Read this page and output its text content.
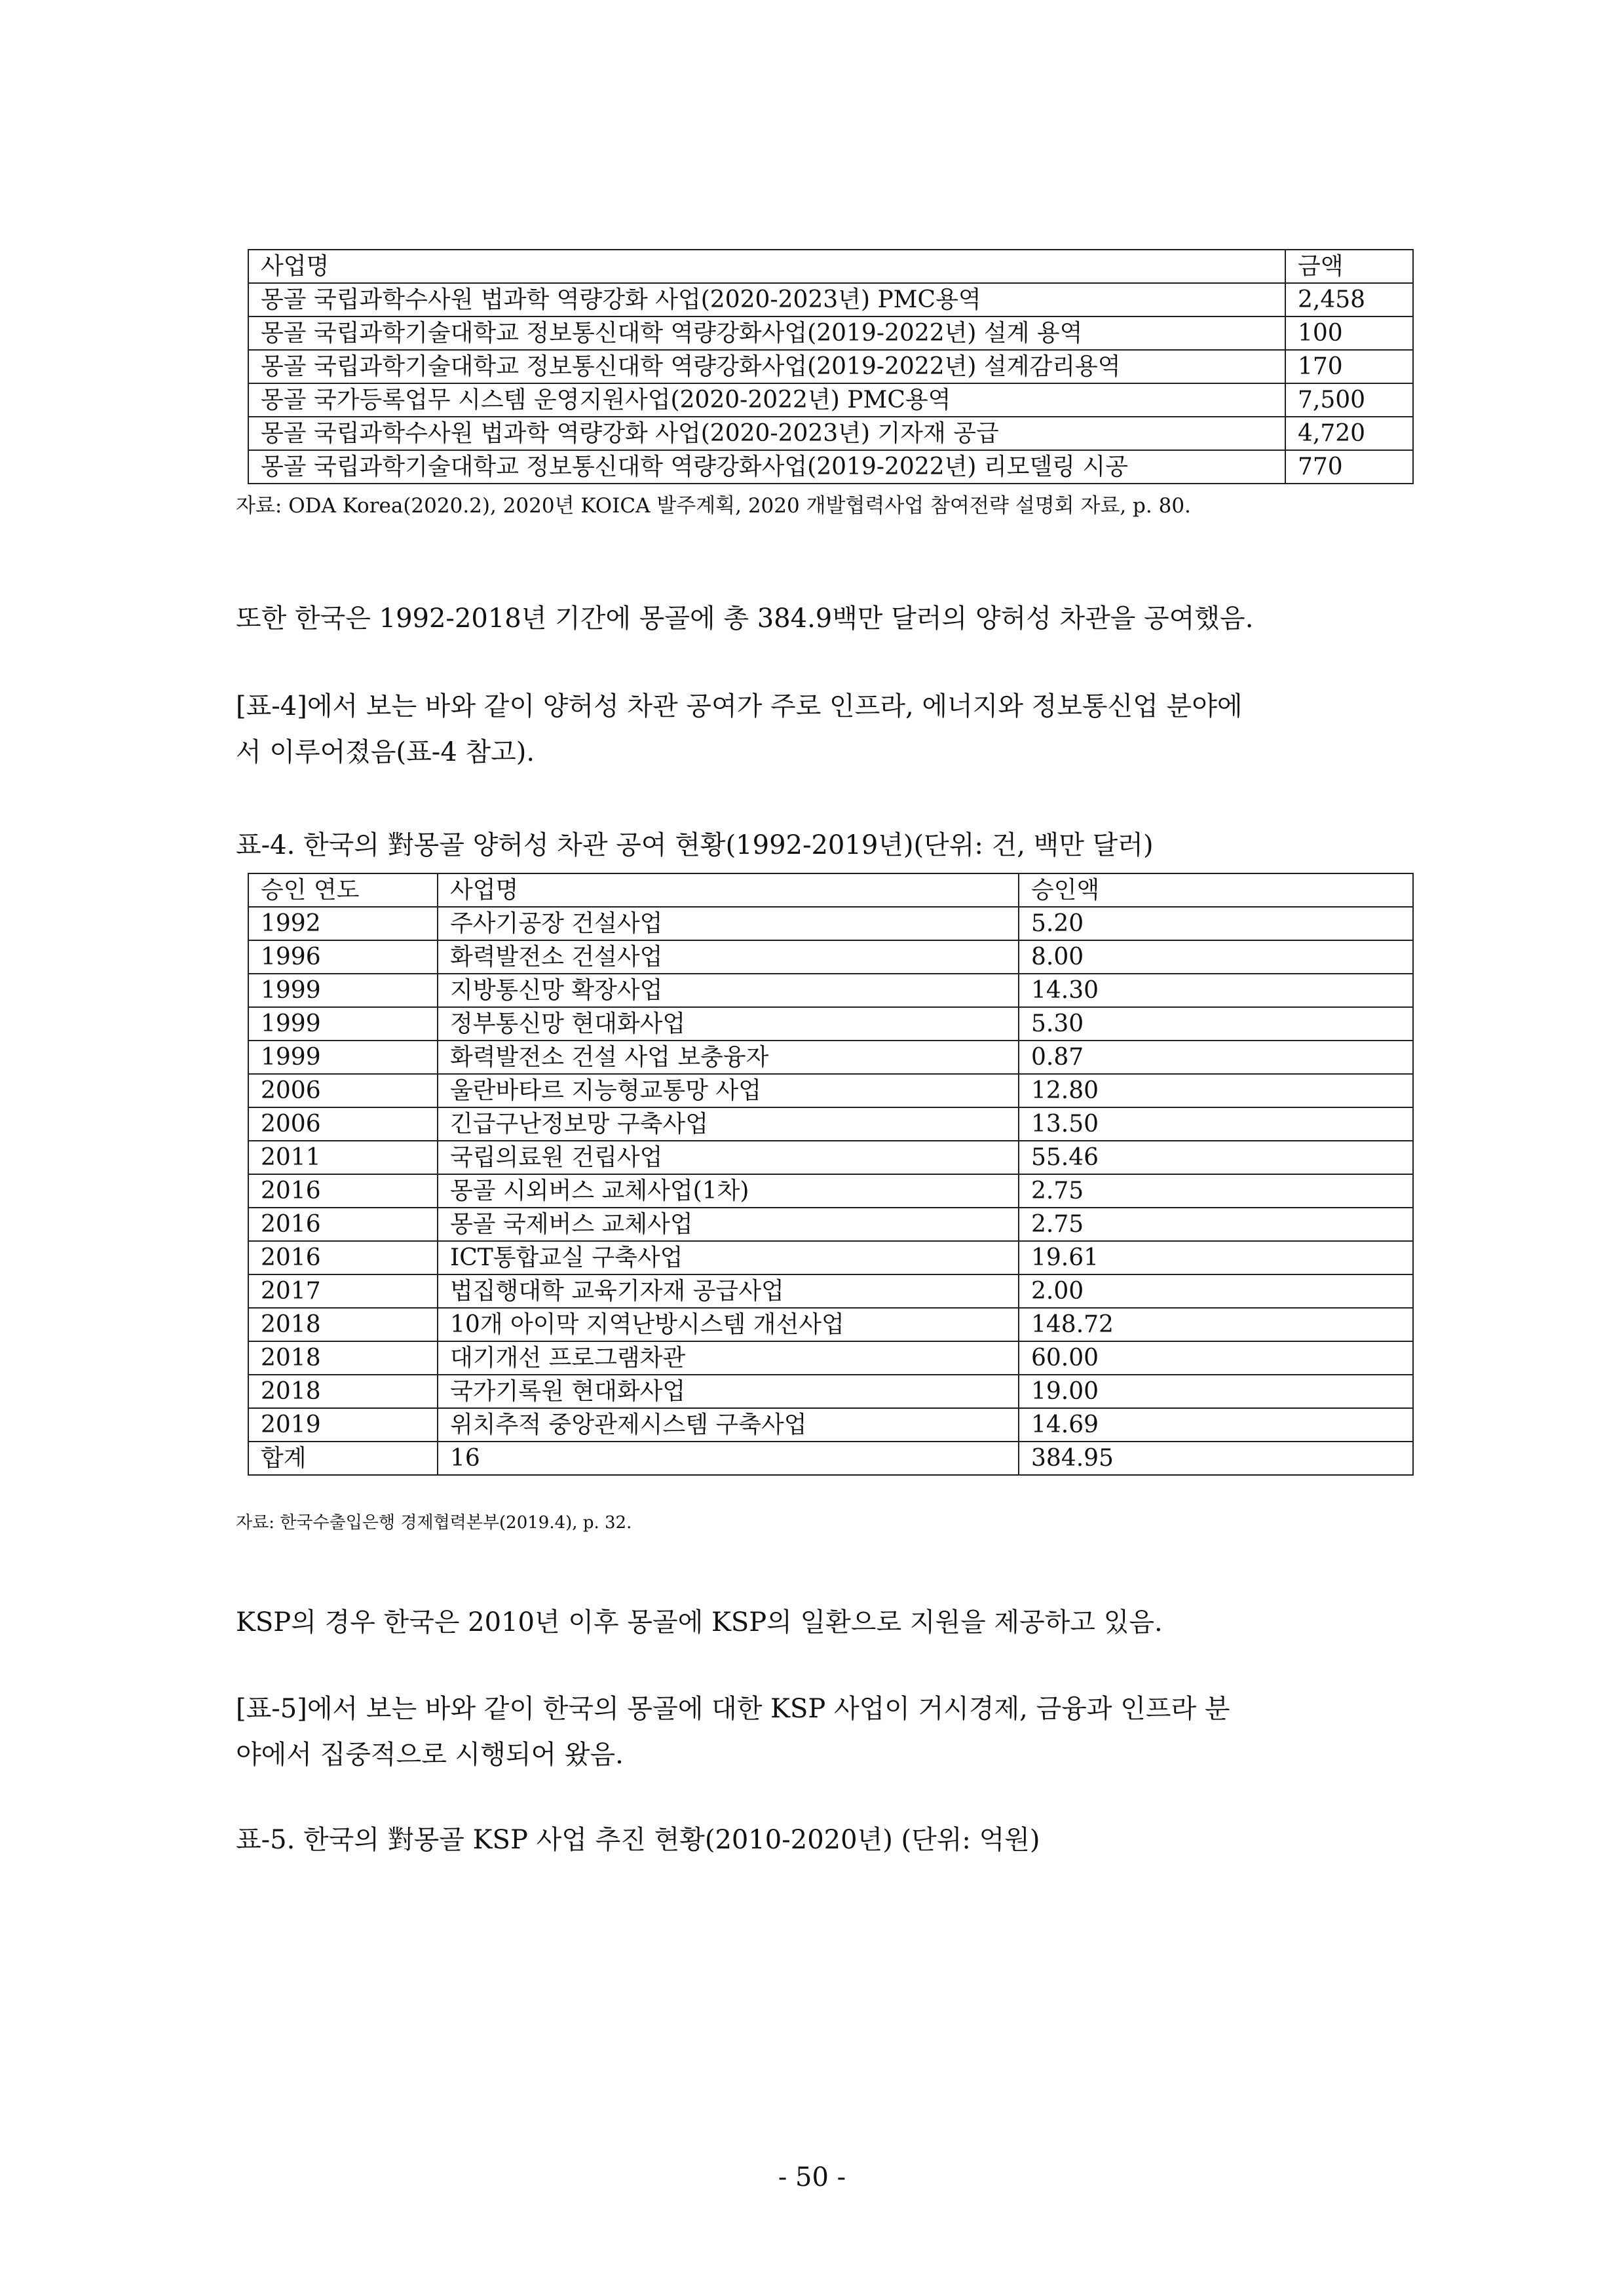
사업명	금액
몽골 국립과학수사원 법과학 역량강화 사업(2020-2023년) PMC용역	2,458
몽골 국립과학기술대학교 정보통신대학 역량강화사업(2019-2022년) 설계 용역	100
몽골 국립과학기술대학교 정보통신대학 역량강화사업(2019-2022년) 설계감리용역	170
몽골 국가등록업무 시스템 운영지원사업(2020-2022년) PMC용역	7,500
몽골 국립과학수사원 법과학 역량강화 사업(2020-2023년) 기자재 공급	4,720
몽골 국립과학기술대학교 정보통신대학 역량강화사업(2019-2022년) 리모델링 시공	770
자료: ODA Korea(2020.2), 2020년 KOICA 발주계획, 2020 개발협력사업 참여전략 설명회 자료, p. 80.
또한 한국은 1992-2018년 기간에 몽골에 총 384.9백만 달러의 양허성 차관을 공여했음.
[표-4]에서 보는 바와 같이 양허성 차관 공여가 주로 인프라, 에너지와 정보통신업 분야에
서 이루어졌음(표-4 참고).
표-4. 한국의 對몽골 양허성 차관 공여 현황(1992-2019년)(단위: 건, 백만 달러)
승인 연도	사업명	승인액
1992	주사기공장 건설사업	5.20
1996	화력발전소 건설사업	8.00
1999	지방통신망 확장사업	14.30
1999	정부통신망 현대화사업	5.30
1999	화력발전소 건설 사업 보충융자	0.87
2006	울란바타르 지능형교통망 사업	12.80
2006	긴급구난정보망 구축사업	13.50
2011	국립의료원 건립사업	55.46
2016	몽골 시외버스 교체사업(1차)	2.75
2016	몽골 국제버스 교체사업	2.75
2016	ICT통합교실 구축사업	19.61
2017	법집행대학 교육기자재 공급사업	2.00
2018	10개 아이막 지역난방시스템 개선사업	148.72
2018	대기개선 프로그램차관	60.00
2018	국가기록원 현대화사업	19.00
2019	위치추적 중앙관제시스템 구축사업	14.69
합계	16	384.95
자료: 한국수출입은행 경제협력본부(2019.4), p. 32.
KSP의 경우 한국은 2010년 이후 몽골에 KSP의 일환으로 지원을 제공하고 있음.
[표-5]에서 보는 바와 같이 한국의 몽골에 대한 KSP 사업이 거시경제, 금융과 인프라 분
야에서 집중적으로 시행되어 왔음.
표-5. 한국의 對몽골 KSP 사업 추진 현황(2010-2020년) (단위: 억원)
- 50 -
